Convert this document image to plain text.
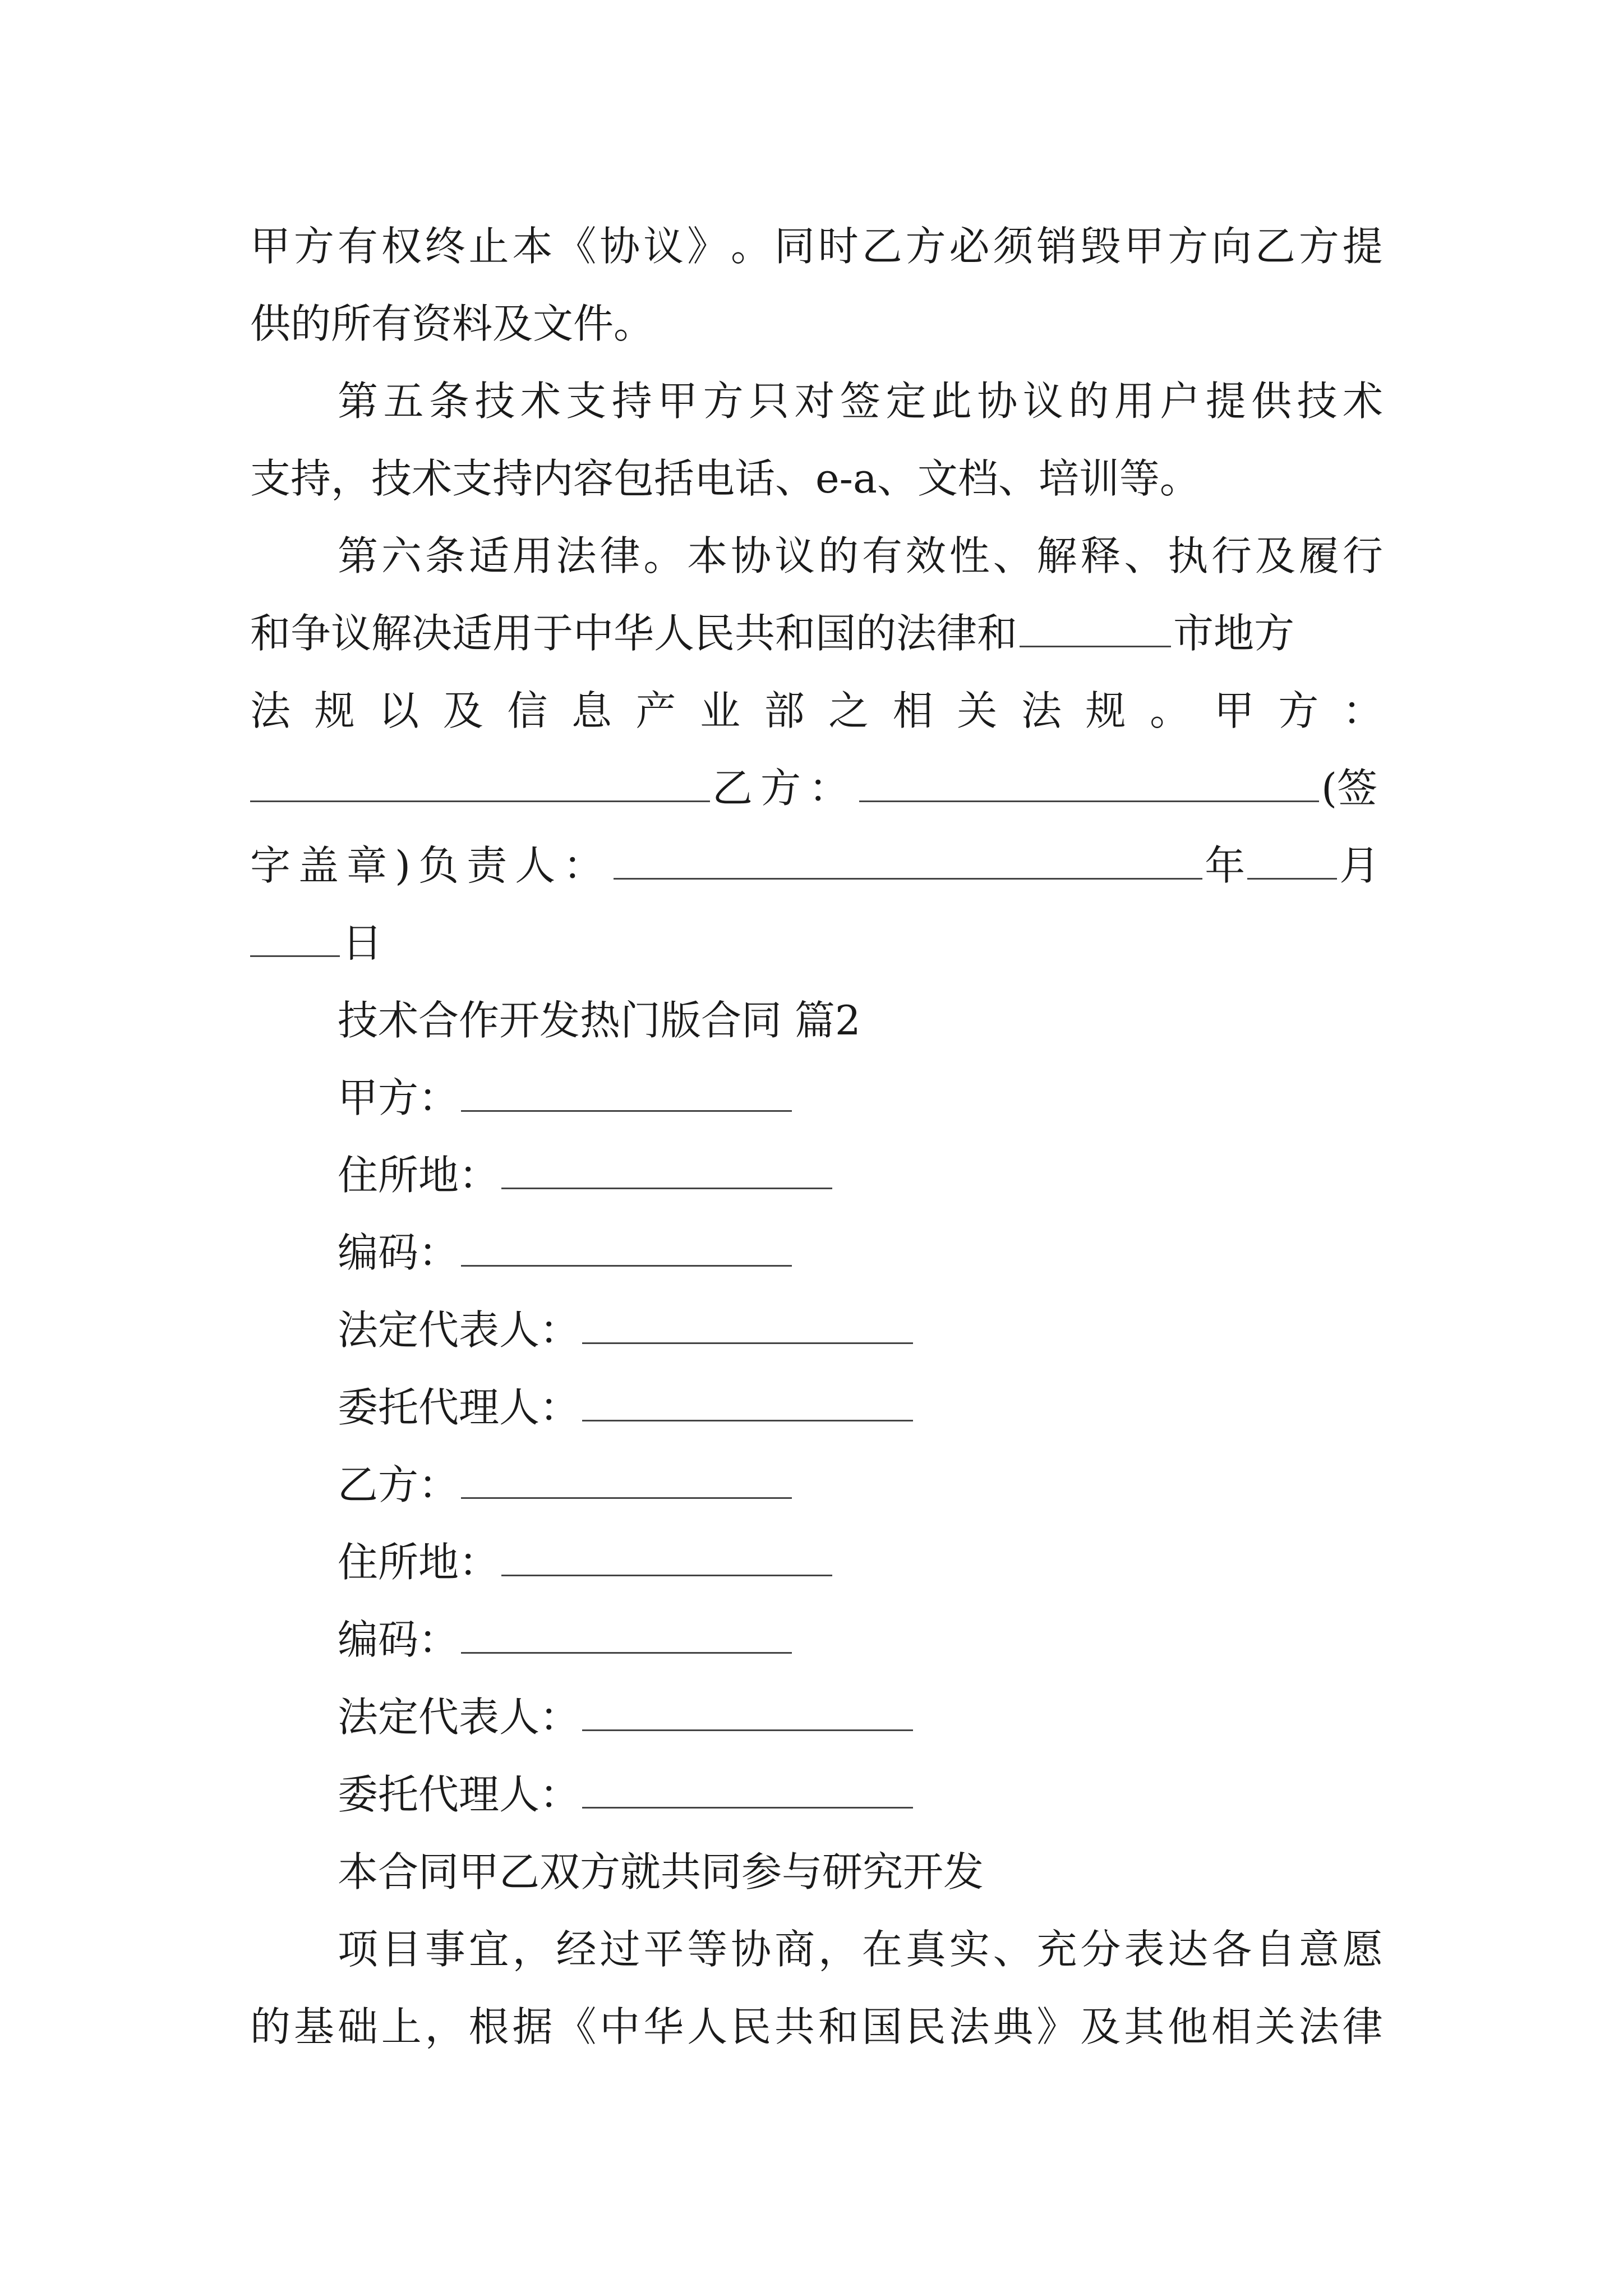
甲 方 有 权 终 止 本 《 协 议 》 。 同 时 乙 方 必 须 销 毁 甲 方 向 乙 方 提
供的所有资料及文件。
第 五 条 技 术 支 持 甲 方 只 对 签 定 此 协 议 的 用 户 提 供 技 术
支持，技术支持内容包括电话、e-a、文档、培训等。
第 六 条 适 用 法 律 。 本 协 议 的 有 效 性 、 解 释 、 执 行 及 履 行
和争议解决适用于中华人民共和国的法律和	市地方
法 规 以 及 信 息 产 业 部 之 相 关 法 规 。 甲 方 ：
乙方：	(签
字盖章)负责人：	年 月
日
技术合作开发热门版合同 篇2
甲方：
住所地：
编码：
法定代表人：
委托代理人：
乙方：
住所地：
编码：
法定代表人：
委托代理人：
本合同甲乙双方就共同参与研究开发
项 目 事 宜 ， 经 过 平 等 协 商 ， 在 真 实 、 充 分 表 达 各 自 意 愿
的 基 础 上 ， 根 据 《 中 华 人 民 共 和 国 民 法 典 》 及 其 他 相 关 法 律
